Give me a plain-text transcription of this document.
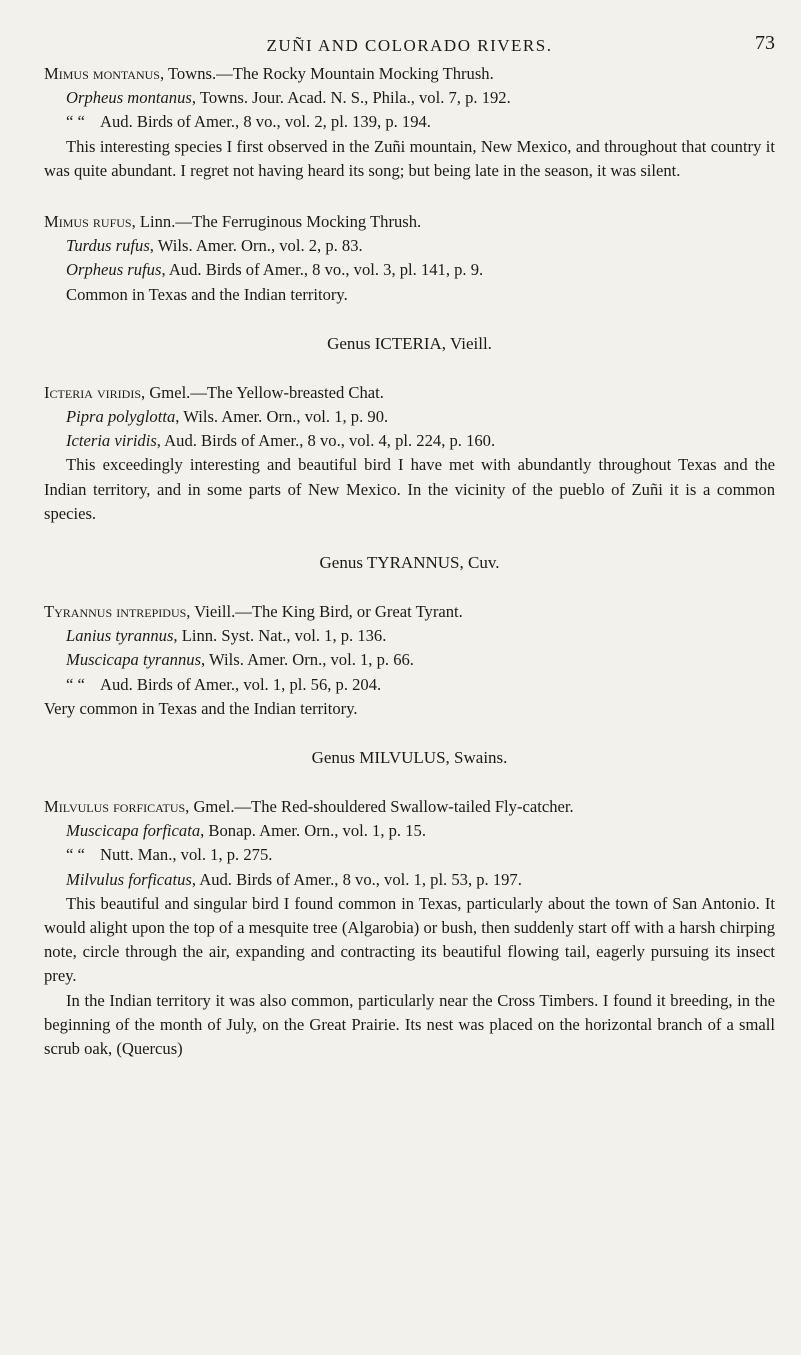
ZUÑI AND COLORADO RIVERS.	73

Mimus montanus, Towns.—The Rocky Mountain Mocking Thrush.

Orpheus montanus, Towns. Jour. Acad. N. S., Phila., vol. 7, p. 192.

“ “ Aud. Birds of Amer., 8 vo., vol. 2, pl. 139, p. 194.

This interesting species I first observed in the Zuñi mountain, New Mexico, and throughout that country it was quite abundant. I regret not having heard its song; but being late in the season, it was silent.

Mimus rufus, Linn.—The Ferruginous Mocking Thrush.

Turdus rufus, Wils. Amer. Orn., vol. 2, p. 83.

Orpheus rufus, Aud. Birds of Amer., 8 vo., vol. 3, pl. 141, p. 9.

Common in Texas and the Indian territory.

Genus ICTERIA, Vieill.

Icteria viridis, Gmel.—The Yellow-breasted Chat.

Pipra polyglotta, Wils. Amer. Orn., vol. 1, p. 90.

Icteria viridis, Aud. Birds of Amer., 8 vo., vol. 4, pl. 224, p. 160.

This exceedingly interesting and beautiful bird I have met with abundantly throughout Texas and the Indian territory, and in some parts of New Mexico. In the vicinity of the pueblo of Zuñi it is a common species.

Genus TYRANNUS, Cuv.

Tyrannus intrepidus, Vieill.—The King Bird, or Great Tyrant.

Lanius tyrannus, Linn. Syst. Nat., vol. 1, p. 136.

Muscicapa tyrannus, Wils. Amer. Orn., vol. 1, p. 66.

“ “ Aud. Birds of Amer., vol. 1, pl. 56, p. 204.

Very common in Texas and the Indian territory.

Genus MILVULUS, Swains.

Milvulus forficatus, Gmel.—The Red-shouldered Swallow-tailed Fly-catcher.

Muscicapa forficata, Bonap. Amer. Orn., vol. 1, p. 15.

“ “ Nutt. Man., vol. 1, p. 275.

Milvulus forficatus, Aud. Birds of Amer., 8 vo., vol. 1, pl. 53, p. 197.

This beautiful and singular bird I found common in Texas, particularly about the town of San Antonio. It would alight upon the top of a mesquite tree (Algarobia) or bush, then suddenly start off with a harsh chirping note, circle through the air, expanding and contracting its beautiful flowing tail, eagerly pursuing its insect prey.

In the Indian territory it was also common, particularly near the Cross Timbers. I found it breeding, in the beginning of the month of July, on the Great Prairie. Its nest was placed on the horizontal branch of a small scrub oak, (Quercus)
